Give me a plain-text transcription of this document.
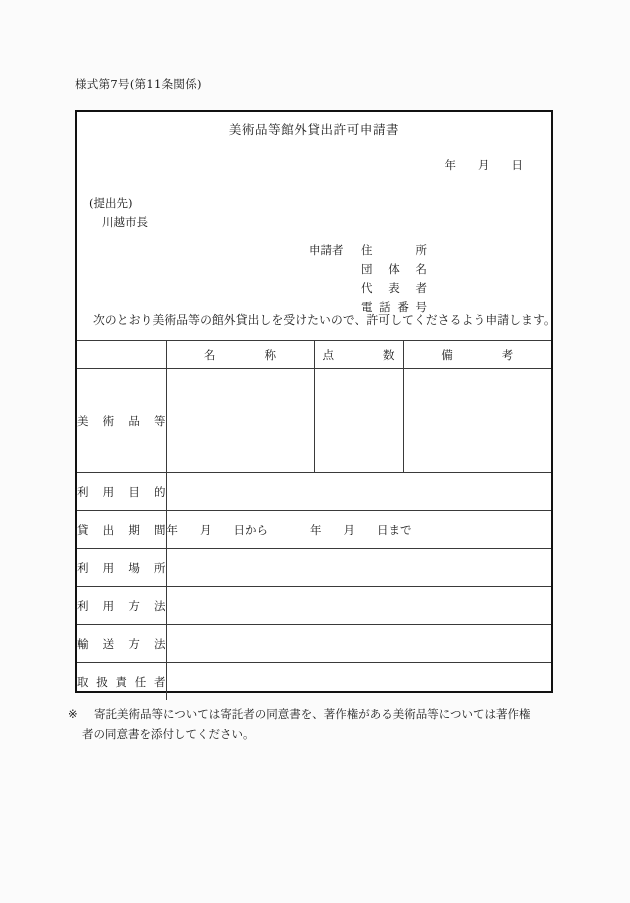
様式第7号(第11条関係)
美術品等館外貸出許可申請書
年 月 日
(提出先)
川越市長
申請者 住所
団体名
代表者
電話番号
次のとおり美術品等の館外貸出しを受けたいので、許可してくださるよう申請します。
	名称	点数	備考

美術品等			

利用目的			

貸出期間	年 月 日から 年 月 日まで		

利用場所			

利用方法			

輸送方法			

取扱責任者			

※ 寄託美術品等については寄託者の同意書を、著作権がある美術品等については著作権
者の同意書を添付してください。
